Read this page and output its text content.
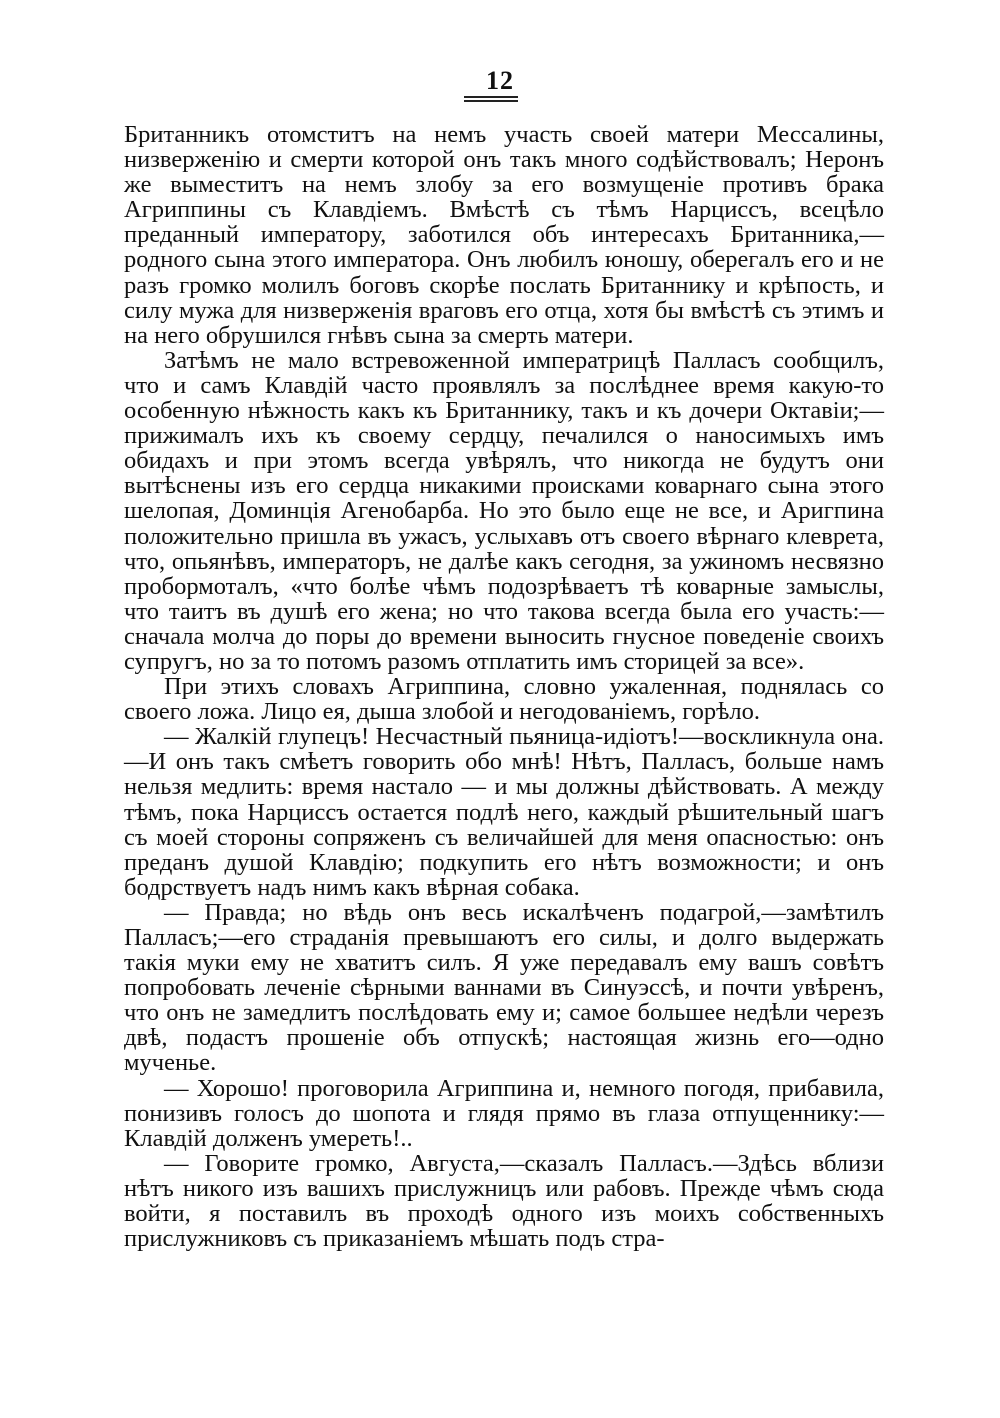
12

Британникъ отомститъ на немъ участь своей матери Мессалины, низверженію и смерти которой онъ такъ много содѣйствовалъ; Неронъ же выместитъ на немъ злобу за его возмущеніе противъ брака Агриппины съ Клавдіемъ. Вмѣстѣ съ тѣмъ Нарциссъ, всецѣло преданный императору, заботился объ интересахъ Британника,—родного сына этого императора. Онъ любилъ юношу, оберегалъ его и не разъ громко молилъ боговъ скорѣе послать Британнику и крѣпость, и силу мужа для низверженія враговъ его отца, хотя бы вмѣстѣ съ этимъ и на него обрушился гнѣвъ сына за смерть матери.

Затѣмъ не мало встревоженной императрицѣ Палласъ сообщилъ, что и самъ Клавдій часто проявлялъ за послѣднее время какую-то особенную нѣжность какъ къ Британнику, такъ и къ дочери Октавіи;—прижималъ ихъ къ своему сердцу, печалился о наносимыхъ имъ обидахъ и при этомъ всегда увѣрялъ, что никогда не будутъ они вытѣснены изъ его сердца никакими происками коварнаго сына этого шелопая, Доминція Агенобарба. Но это было еще не все, и Аригпина положительно пришла въ ужасъ, услыхавъ отъ своего вѣрнаго клеврета, что, опьянѣвъ, императоръ, не далѣе какъ сегодня, за ужиномъ несвязно пробормоталъ, «что болѣе чѣмъ подозрѣваетъ тѣ коварные замыслы, что таитъ въ душѣ его жена; но что такова всегда была его участь:—сначала молча до поры до времени выносить гнусное поведеніе своихъ супругъ, но за то потомъ разомъ отплатить имъ сторицей за все».

При этихъ словахъ Агриппина, словно ужаленная, поднялась со своего ложа. Лицо ея, дыша злобой и негодованіемъ, горѣло.

— Жалкій глупецъ! Несчастный пьяница-идіотъ!—воскликнула она.—И онъ такъ смѣетъ говорить обо мнѣ! Нѣтъ, Палласъ, больше намъ нельзя медлить: время настало — и мы должны дѣйствовать. А между тѣмъ, пока Нарциссъ остается подлѣ него, каждый рѣшительный шагъ съ моей стороны сопряженъ съ величайшей для меня опасностью: онъ преданъ душой Клавдію; подкупить его нѣтъ возможности; и онъ бодрствуетъ надъ нимъ какъ вѣрная собака.

— Правда; но вѣдь онъ весь искалѣченъ подагрой,—замѣтилъ Палласъ;—его страданія превышаютъ его силы, и долго выдержать такія муки ему не хватитъ силъ. Я уже передавалъ ему вашъ совѣтъ попробовать леченіе сѣрными ваннами въ Синуэссѣ, и почти увѣренъ, что онъ не замедлитъ послѣдовать ему и; самое большее недѣли черезъ двѣ, подастъ прошеніе объ отпускѣ; настоящая жизнь его—одно мученье.

— Хорошо! проговорила Агриппина и, немного погодя, прибавила, понизивъ голосъ до шопота и глядя прямо въ глаза отпущеннику:—Клавдій долженъ умереть!..

— Говорите громко, Августа,—сказалъ Палласъ.—Здѣсь вблизи нѣтъ никого изъ вашихъ прислужницъ или рабовъ. Прежде чѣмъ сюда войти, я поставилъ въ проходѣ одного изъ моихъ собственныхъ прислужниковъ съ приказаніемъ мѣшать подъ стра-
